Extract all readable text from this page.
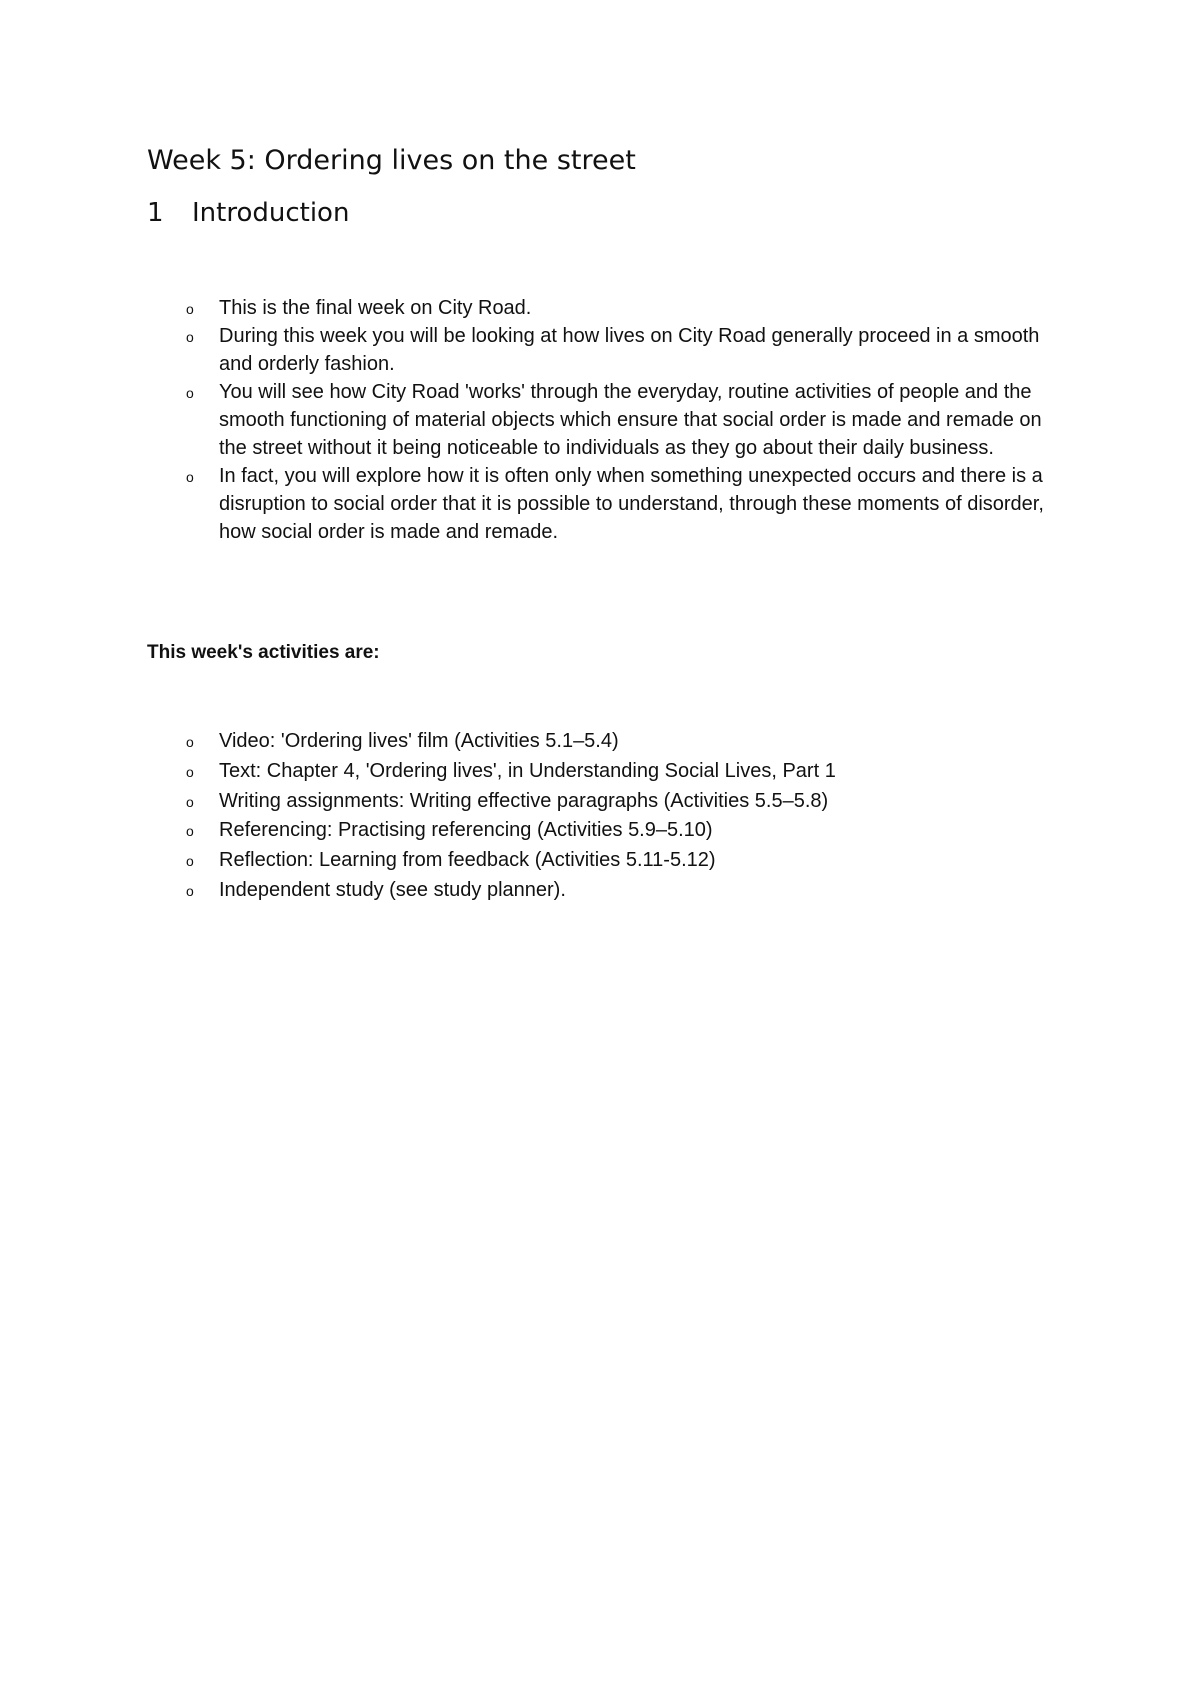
Week 5: Ordering lives on the street
1 Introduction
o This is the final week on City Road.
o During this week you will be looking at how lives on City Road generally proceed in a smooth and orderly fashion.
o You will see how City Road 'works' through the everyday, routine activities of people and the smooth functioning of material objects which ensure that social order is made and remade on the street without it being noticeable to individuals as they go about their daily business.
o In fact, you will explore how it is often only when something unexpected occurs and there is a disruption to social order that it is possible to understand, through these moments of disorder, how social order is made and remade.

This week's activities are:

o Video: 'Ordering lives' film (Activities 5.1–5.4)
o Text: Chapter 4, 'Ordering lives', in Understanding Social Lives, Part 1
o Writing assignments: Writing effective paragraphs (Activities 5.5–5.8)
o Referencing: Practising referencing (Activities 5.9–5.10)
o Reflection: Learning from feedback (Activities 5.11-5.12)
o Independent study (see study planner).
